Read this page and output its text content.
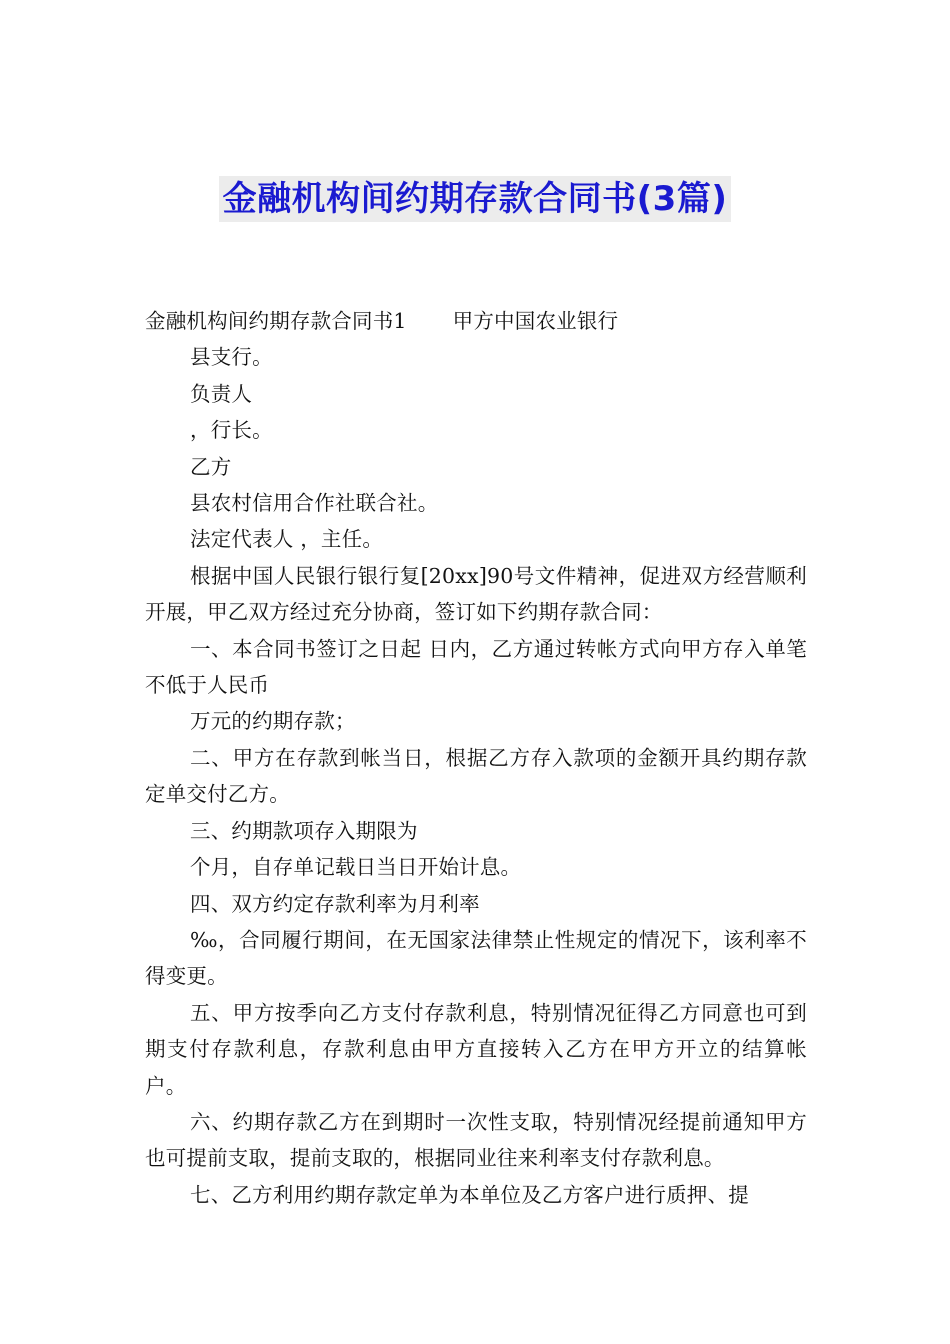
金融机构间约期存款合同书(3篇)

金融机构间约期存款合同书1 甲方中国农业银行

县支行。

负责人

，行长。

乙方

县农村信用合作社联合社。

法定代表人 ，主任。

根据中国人民银行银行复[20xx]90号文件精神，促进双方经营顺利开展，甲乙双方经过充分协商，签订如下约期存款合同：

一、本合同书签订之日起 日内，乙方通过转帐方式向甲方存入单笔不低于人民币

万元的约期存款；

二、甲方在存款到帐当日，根据乙方存入款项的金额开具约期存款定单交付乙方。

三、约期款项存入期限为

个月，自存单记载日当日开始计息。

四、双方约定存款利率为月利率

‰，合同履行期间，在无国家法律禁止性规定的情况下，该利率不得变更。

五、甲方按季向乙方支付存款利息，特别情况征得乙方同意也可到期支付存款利息，存款利息由甲方直接转入乙方在甲方开立的结算帐户。

六、约期存款乙方在到期时一次性支取，特别情况经提前通知甲方也可提前支取，提前支取的，根据同业往来利率支付存款利息。

七、乙方利用约期存款定单为本单位及乙方客户进行质押、提
